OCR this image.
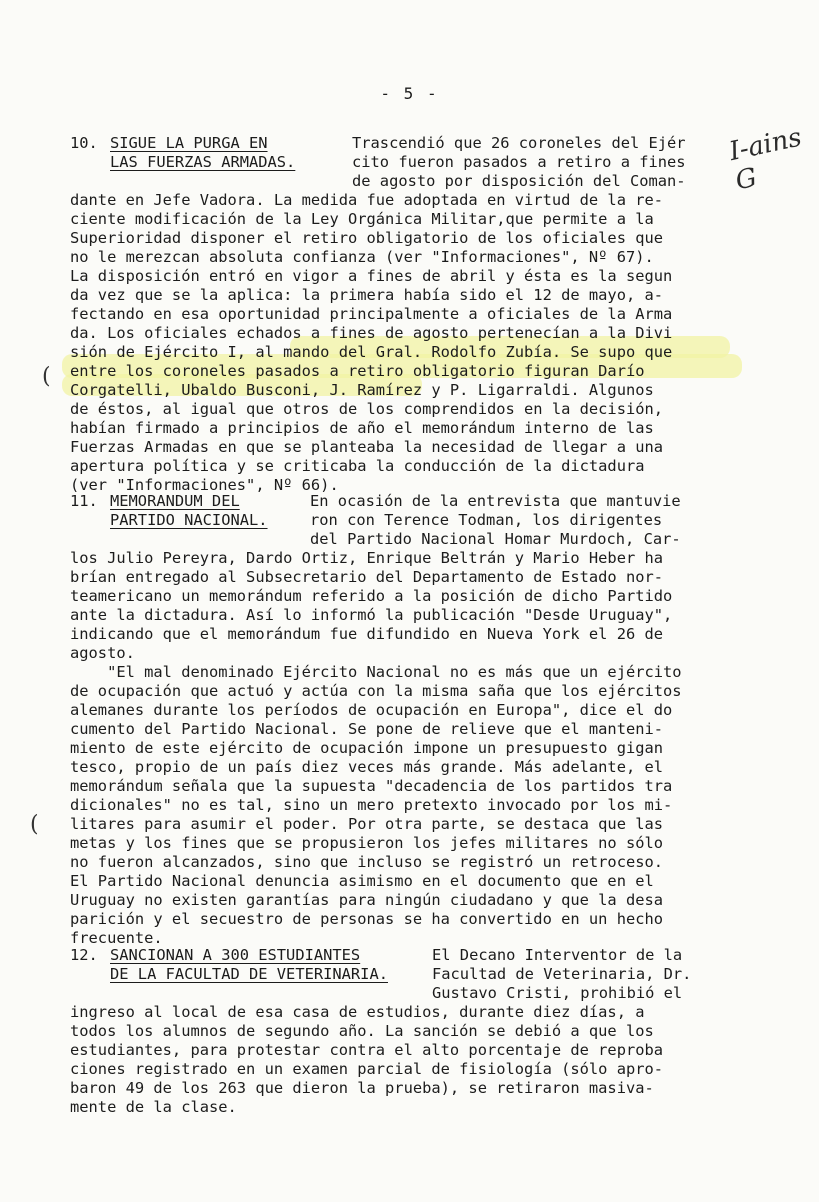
- 5 -
I-ains G
(
(
10. SIGUE LA PURGA EN
LAS FUERZAS ARMADAS.
Trascendió que 26 coroneles del Ejér
cito fueron pasados a retiro a fines
de agosto por disposición del Coman-
dante en Jefe Vadora. La medida fue adoptada en virtud de la re-
ciente modificación de la Ley Orgánica Militar,que permite a la
Superioridad disponer el retiro obligatorio de los oficiales que
no le merezcan absoluta confianza (ver "Informaciones", Nº 67).
La disposición entró en vigor a fines de abril y ésta es la segun
da vez que se la aplica: la primera había sido el 12 de mayo, a-
fectando en esa oportunidad principalmente a oficiales de la Arma
da. Los oficiales echados a fines de agosto pertenecían a la Divi
sión de Ejército I, al mando del Gral. Rodolfo Zubía. Se supo que
entre los coroneles pasados a retiro obligatorio figuran Darío
Corgatelli, Ubaldo Busconi, J. Ramírez y P. Ligarraldi. Algunos
de éstos, al igual que otros de los comprendidos en la decisión,
habían firmado a principios de año el memorándum interno de las
Fuerzas Armadas en que se planteaba la necesidad de llegar a una
apertura política y se criticaba la conducción de la dictadura
(ver "Informaciones", Nº 66).
11. MEMORANDUM DEL
PARTIDO NACIONAL.
En ocasión de la entrevista que mantuvie
ron con Terence Todman, los dirigentes
del Partido Nacional Homar Murdoch, Car-
los Julio Pereyra, Dardo Ortiz, Enrique Beltrán y Mario Heber ha
brían entregado al Subsecretario del Departamento de Estado nor-
teamericano un memorándum referido a la posición de dicho Partido
ante la dictadura. Así lo informó la publicación "Desde Uruguay",
indicando que el memorándum fue difundido en Nueva York el 26 de
agosto.
"El mal denominado Ejército Nacional no es más que un ejército
de ocupación que actuó y actúa con la misma saña que los ejércitos
alemanes durante los períodos de ocupación en Europa", dice el do
cumento del Partido Nacional. Se pone de relieve que el manteni-
miento de este ejército de ocupación impone un presupuesto gigan
tesco, propio de un país diez veces más grande. Más adelante, el
memorándum señala que la supuesta "decadencia de los partidos tra
dicionales" no es tal, sino un mero pretexto invocado por los mi-
litares para asumir el poder. Por otra parte, se destaca que las
metas y los fines que se propusieron los jefes militares no sólo
no fueron alcanzados, sino que incluso se registró un retroceso.
El Partido Nacional denuncia asimismo en el documento que en el
Uruguay no existen garantías para ningún ciudadano y que la desa
parición y el secuestro de personas se ha convertido en un hecho
frecuente.
12. SANCIONAN A 300 ESTUDIANTES
DE LA FACULTAD DE VETERINARIA.
El Decano Interventor de la
Facultad de Veterinaria, Dr.
Gustavo Cristi, prohibió el
ingreso al local de esa casa de estudios, durante diez días, a
todos los alumnos de segundo año. La sanción se debió a que los
estudiantes, para protestar contra el alto porcentaje de reproba
ciones registrado en un examen parcial de fisiología (sólo apro-
baron 49 de los 263 que dieron la prueba), se retiraron masiva-
mente de la clase.
